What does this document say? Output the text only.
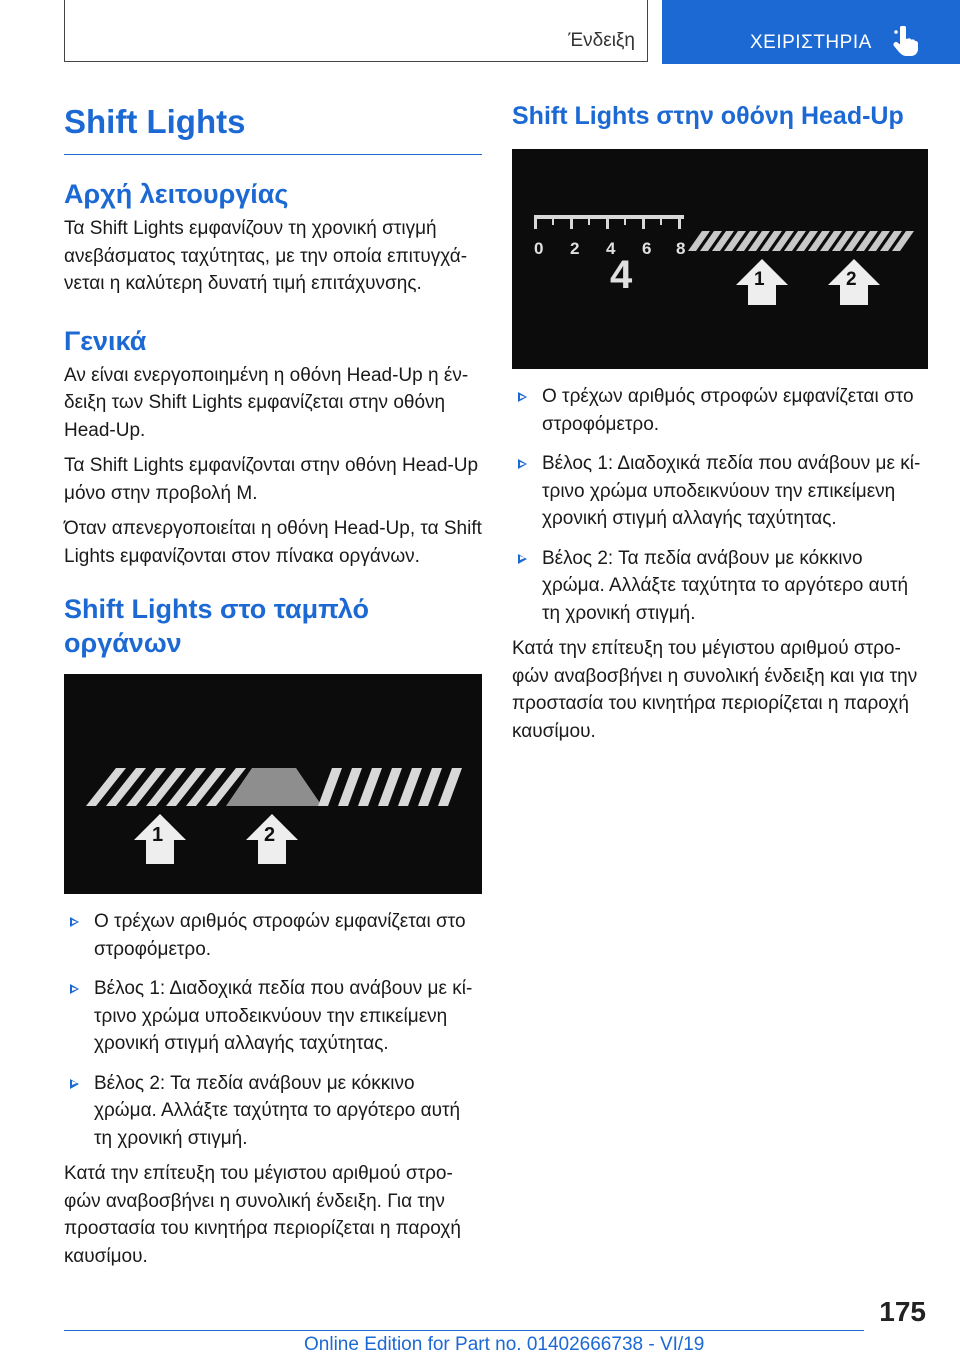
Ένδειξη	ΧΕΙΡΙΣΤΗΡΙΑ
Shift Lights
Αρχή λειτουργίας

Τα Shift Lights εμφανίζουν τη χρονική στιγμή ανεβάσματος ταχύτητας, με την οποία επιτυγχάνεται η καλύτερη δυνατή τιμή επιτάχυνσης.

Γενικά

Αν είναι ενεργοποιημένη η οθόνη Head-Up η ένδειξη των Shift Lights εμφανίζεται στην οθόνη Head-Up.

Τα Shift Lights εμφανίζονται στην οθόνη Head-Up μόνο στην προβολή M.

Όταν απενεργοποιείται η οθόνη Head-Up, τα Shift Lights εμφανίζονται στον πίνακα οργάνων.

Shift Lights στο ταμπλό οργάνων
1	2
Ο τρέχων αριθμός στροφών εμφανίζεται στο στροφόμετρο.
Βέλος 1: Διαδοχικά πεδία που ανάβουν με κίτρινο χρώμα υποδεικνύουν την επικείμενη χρονική στιγμή αλλαγής ταχύτητας.
Βέλος 2: Τα πεδία ανάβουν με κόκκινο χρώμα. Αλλάξτε ταχύτητα το αργότερο αυτή τη χρονική στιγμή.

Κατά την επίτευξη του μέγιστου αριθμού στροφών αναβοσβήνει η συνολική ένδειξη. Για την προστασία του κινητήρα περιορίζεται η παροχή καυσίμου.

Shift Lights στην οθόνη Head-Up
0 2 4 6 8
4	1	2
Ο τρέχων αριθμός στροφών εμφανίζεται στο στροφόμετρο.
Βέλος 1: Διαδοχικά πεδία που ανάβουν με κίτρινο χρώμα υποδεικνύουν την επικείμενη χρονική στιγμή αλλαγής ταχύτητας.
Βέλος 2: Τα πεδία ανάβουν με κόκκινο χρώμα. Αλλάξτε ταχύτητα το αργότερο αυτή τη χρονική στιγμή.

Κατά την επίτευξη του μέγιστου αριθμού στροφών αναβοσβήνει η συνολική ένδειξη και για την προστασία του κινητήρα περιορίζεται η παροχή καυσίμου.

175
Online Edition for Part no. 01402666738 - VI/19
